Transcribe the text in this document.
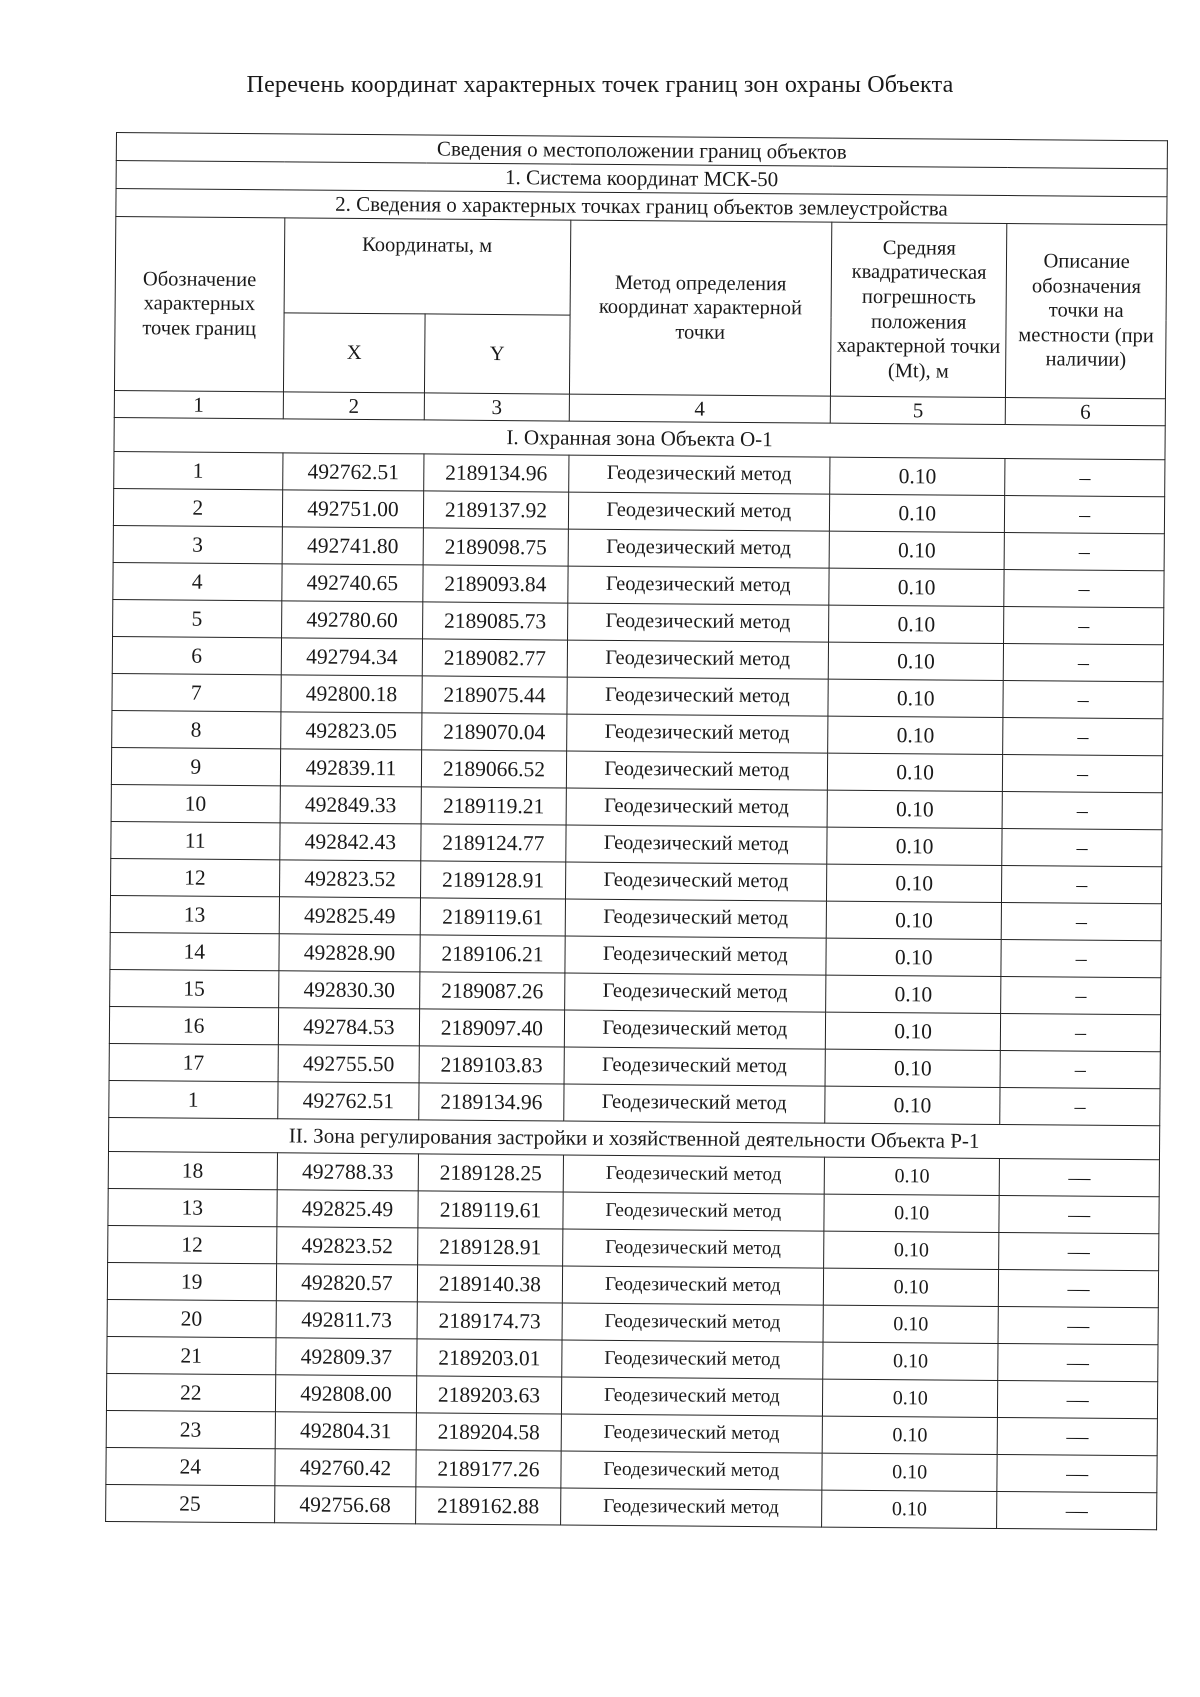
Перечень координат характерных точек границ зон охраны Объекта
Сведения о местоположении границ объектов					
1. Система координат МСК-50					
2. Сведения о характерных точках границ объектов землеустройства					
Обозначение характерных точек границ	Координаты, м		Метод определения координат характерной точки	Средняя квадратическая погрешность положения характерной точки (Mt), м	Описание обозначения точки на местности (при наличии)
	X	Y			
1	2	3	4	5	6
I. Охранная зона Объекта О-1					
1	492762.51	2189134.96	Геодезический метод	0.10	–
2	492751.00	2189137.92	Геодезический метод	0.10	–
3	492741.80	2189098.75	Геодезический метод	0.10	–
4	492740.65	2189093.84	Геодезический метод	0.10	–
5	492780.60	2189085.73	Геодезический метод	0.10	–
6	492794.34	2189082.77	Геодезический метод	0.10	–
7	492800.18	2189075.44	Геодезический метод	0.10	–
8	492823.05	2189070.04	Геодезический метод	0.10	–
9	492839.11	2189066.52	Геодезический метод	0.10	–
10	492849.33	2189119.21	Геодезический метод	0.10	–
11	492842.43	2189124.77	Геодезический метод	0.10	–
12	492823.52	2189128.91	Геодезический метод	0.10	–
13	492825.49	2189119.61	Геодезический метод	0.10	–
14	492828.90	2189106.21	Геодезический метод	0.10	–
15	492830.30	2189087.26	Геодезический метод	0.10	–
16	492784.53	2189097.40	Геодезический метод	0.10	–
17	492755.50	2189103.83	Геодезический метод	0.10	–
1	492762.51	2189134.96	Геодезический метод	0.10	–
II. Зона регулирования застройки и хозяйственной деятельности Объекта Р-1					
18	492788.33	2189128.25	Геодезический метод	0.10	—
13	492825.49	2189119.61	Геодезический метод	0.10	—
12	492823.52	2189128.91	Геодезический метод	0.10	—
19	492820.57	2189140.38	Геодезический метод	0.10	—
20	492811.73	2189174.73	Геодезический метод	0.10	—
21	492809.37	2189203.01	Геодезический метод	0.10	—
22	492808.00	2189203.63	Геодезический метод	0.10	—
23	492804.31	2189204.58	Геодезический метод	0.10	—
24	492760.42	2189177.26	Геодезический метод	0.10	—
25	492756.68	2189162.88	Геодезический метод	0.10	—
